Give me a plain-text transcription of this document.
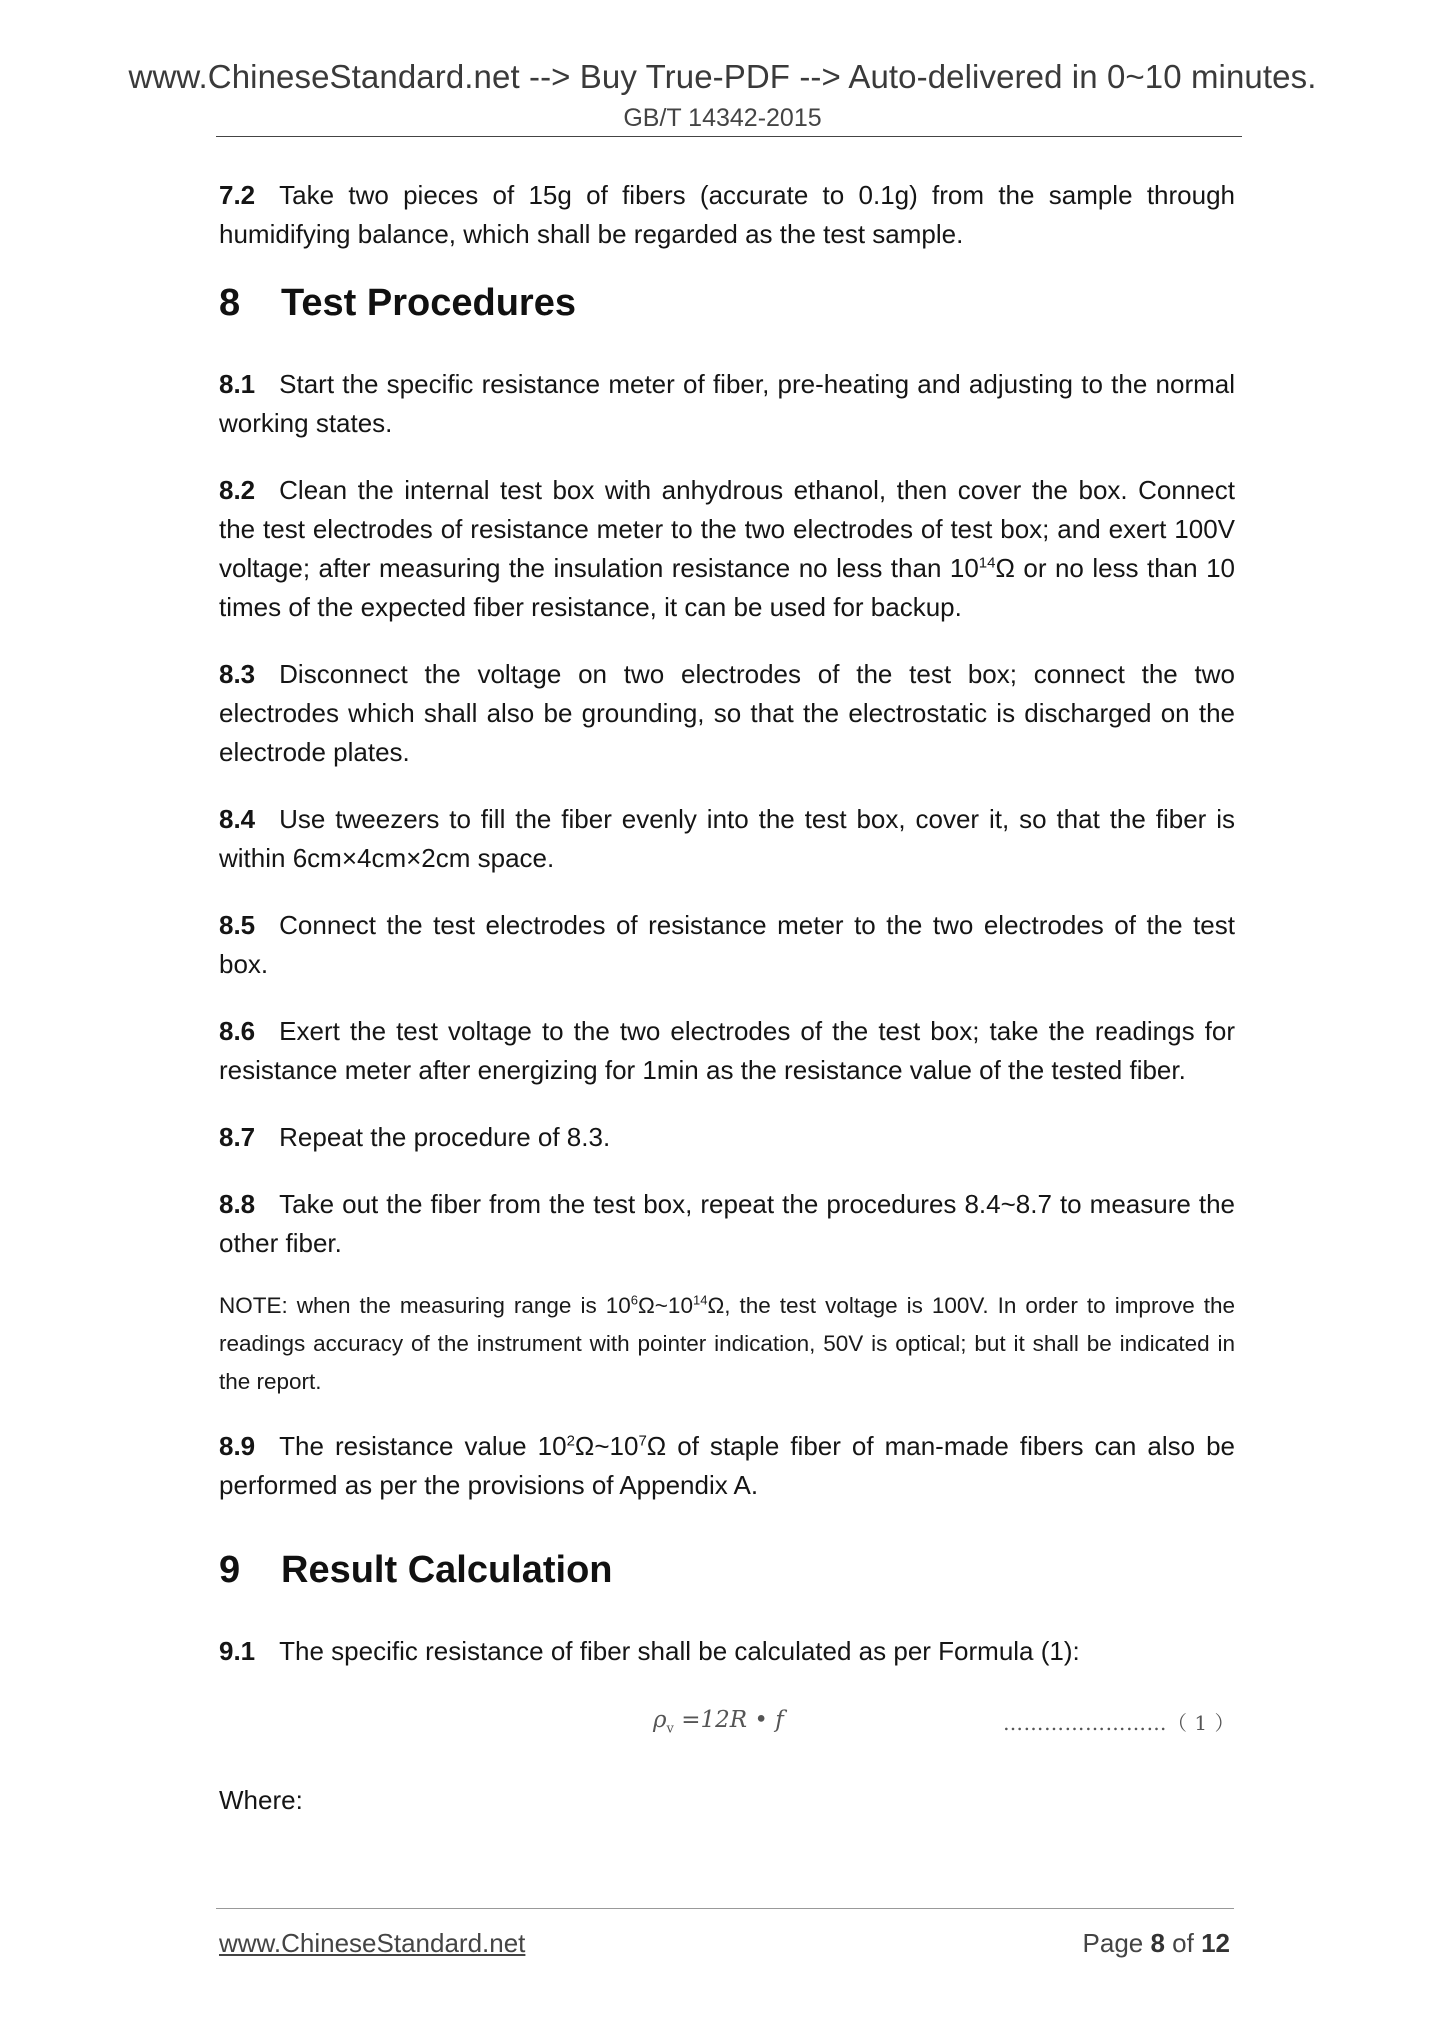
www.ChineseStandard.net --> Buy True-PDF --> Auto-delivered in 0~10 minutes.
GB/T 14342-2015

7.2 Take two pieces of 15g of fibers (accurate to 0.1g) from the sample through humidifying balance, which shall be regarded as the test sample.

8 Test Procedures

8.1 Start the specific resistance meter of fiber, pre-heating and adjusting to the normal working states.

8.2 Clean the internal test box with anhydrous ethanol, then cover the box. Connect the test electrodes of resistance meter to the two electrodes of test box; and exert 100V voltage; after measuring the insulation resistance no less than $10^{14}\Omega$ or no less than 10 times of the expected fiber resistance, it can be used for backup.

8.3 Disconnect the voltage on two electrodes of the test box; connect the two electrodes which shall also be grounding, so that the electrostatic is discharged on the electrode plates.

8.4 Use tweezers to fill the fiber evenly into the test box, cover it, so that the fiber is within 6cm×4cm×2cm space.

8.5 Connect the test electrodes of resistance meter to the two electrodes of the test box.

8.6 Exert the test voltage to the two electrodes of the test box; take the readings for resistance meter after energizing for 1min as the resistance value of the tested fiber.

8.7 Repeat the procedure of 8.3.

8.8 Take out the fiber from the test box, repeat the procedures 8.4~8.7 to measure the other fiber.

NOTE: when the measuring range is $10^6\Omega\sim 10^{14}\Omega$, the test voltage is 100V. In order to improve the readings accuracy of the instrument with pointer indication, 50V is optical; but it shall be indicated in the report.

8.9 The resistance value $10^2\Omega\sim 10^7\Omega$ of staple fiber of man-made fibers can also be performed as per the provisions of Appendix A.

9 Result Calculation

9.1 The specific resistance of fiber shall be calculated as per Formula (1):

$\rho_v =12R$ • f	……………………（ 1 ）

Where:

www.ChineseStandard.net	Page 8 of 12
